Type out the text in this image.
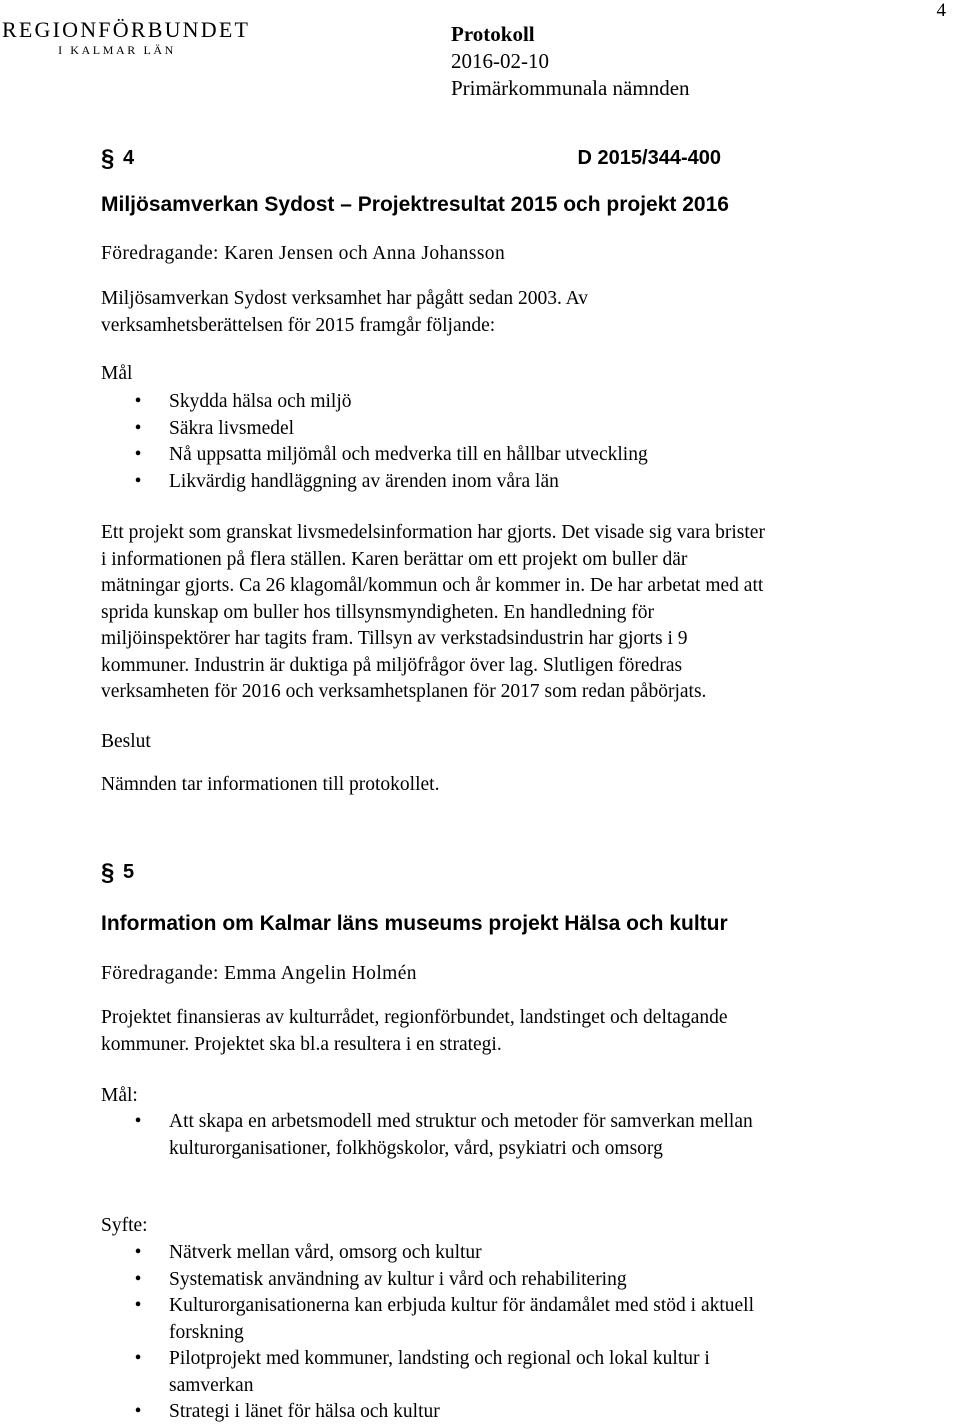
4
REGIONFÖRBUNDET
I KALMAR LÄN
Protokoll
2016-02-10
Primärkommunala nämnden
§ 4	D 2015/344-400
Miljösamverkan Sydost – Projektresultat 2015 och projekt 2016
Föredragande: Karen Jensen och Anna Johansson
Miljösamverkan Sydost verksamhet har pågått sedan 2003. Av
verksamhetsberättelsen för 2015 framgår följande:
Mål
• Skydda hälsa och miljö
• Säkra livsmedel
• Nå uppsatta miljömål och medverka till en hållbar utveckling
• Likvärdig handläggning av ärenden inom våra län
Ett projekt som granskat livsmedelsinformation har gjorts. Det visade sig vara brister
i informationen på flera ställen. Karen berättar om ett projekt om buller där
mätningar gjorts. Ca 26 klagomål/kommun och år kommer in. De har arbetat med att
sprida kunskap om buller hos tillsynsmyndigheten. En handledning för
miljöinspektörer har tagits fram. Tillsyn av verkstadsindustrin har gjorts i 9
kommuner. Industrin är duktiga på miljöfrågor över lag. Slutligen föredras
verksamheten för 2016 och verksamhetsplanen för 2017 som redan påbörjats.
Beslut
Nämnden tar informationen till protokollet.
§ 5
Information om Kalmar läns museums projekt Hälsa och kultur
Föredragande: Emma Angelin Holmén
Projektet finansieras av kulturrådet, regionförbundet, landstinget och deltagande
kommuner. Projektet ska bl.a resultera i en strategi.
Mål:
• Att skapa en arbetsmodell med struktur och metoder för samverkan mellan
kulturorganisationer, folkhögskolor, vård, psykiatri och omsorg
Syfte:
• Nätverk mellan vård, omsorg och kultur
• Systematisk användning av kultur i vård och rehabilitering
• Kulturorganisationerna kan erbjuda kultur för ändamålet med stöd i aktuell
forskning
• Pilotprojekt med kommuner, landsting och regional och lokal kultur i
samverkan
• Strategi i länet för hälsa och kultur
